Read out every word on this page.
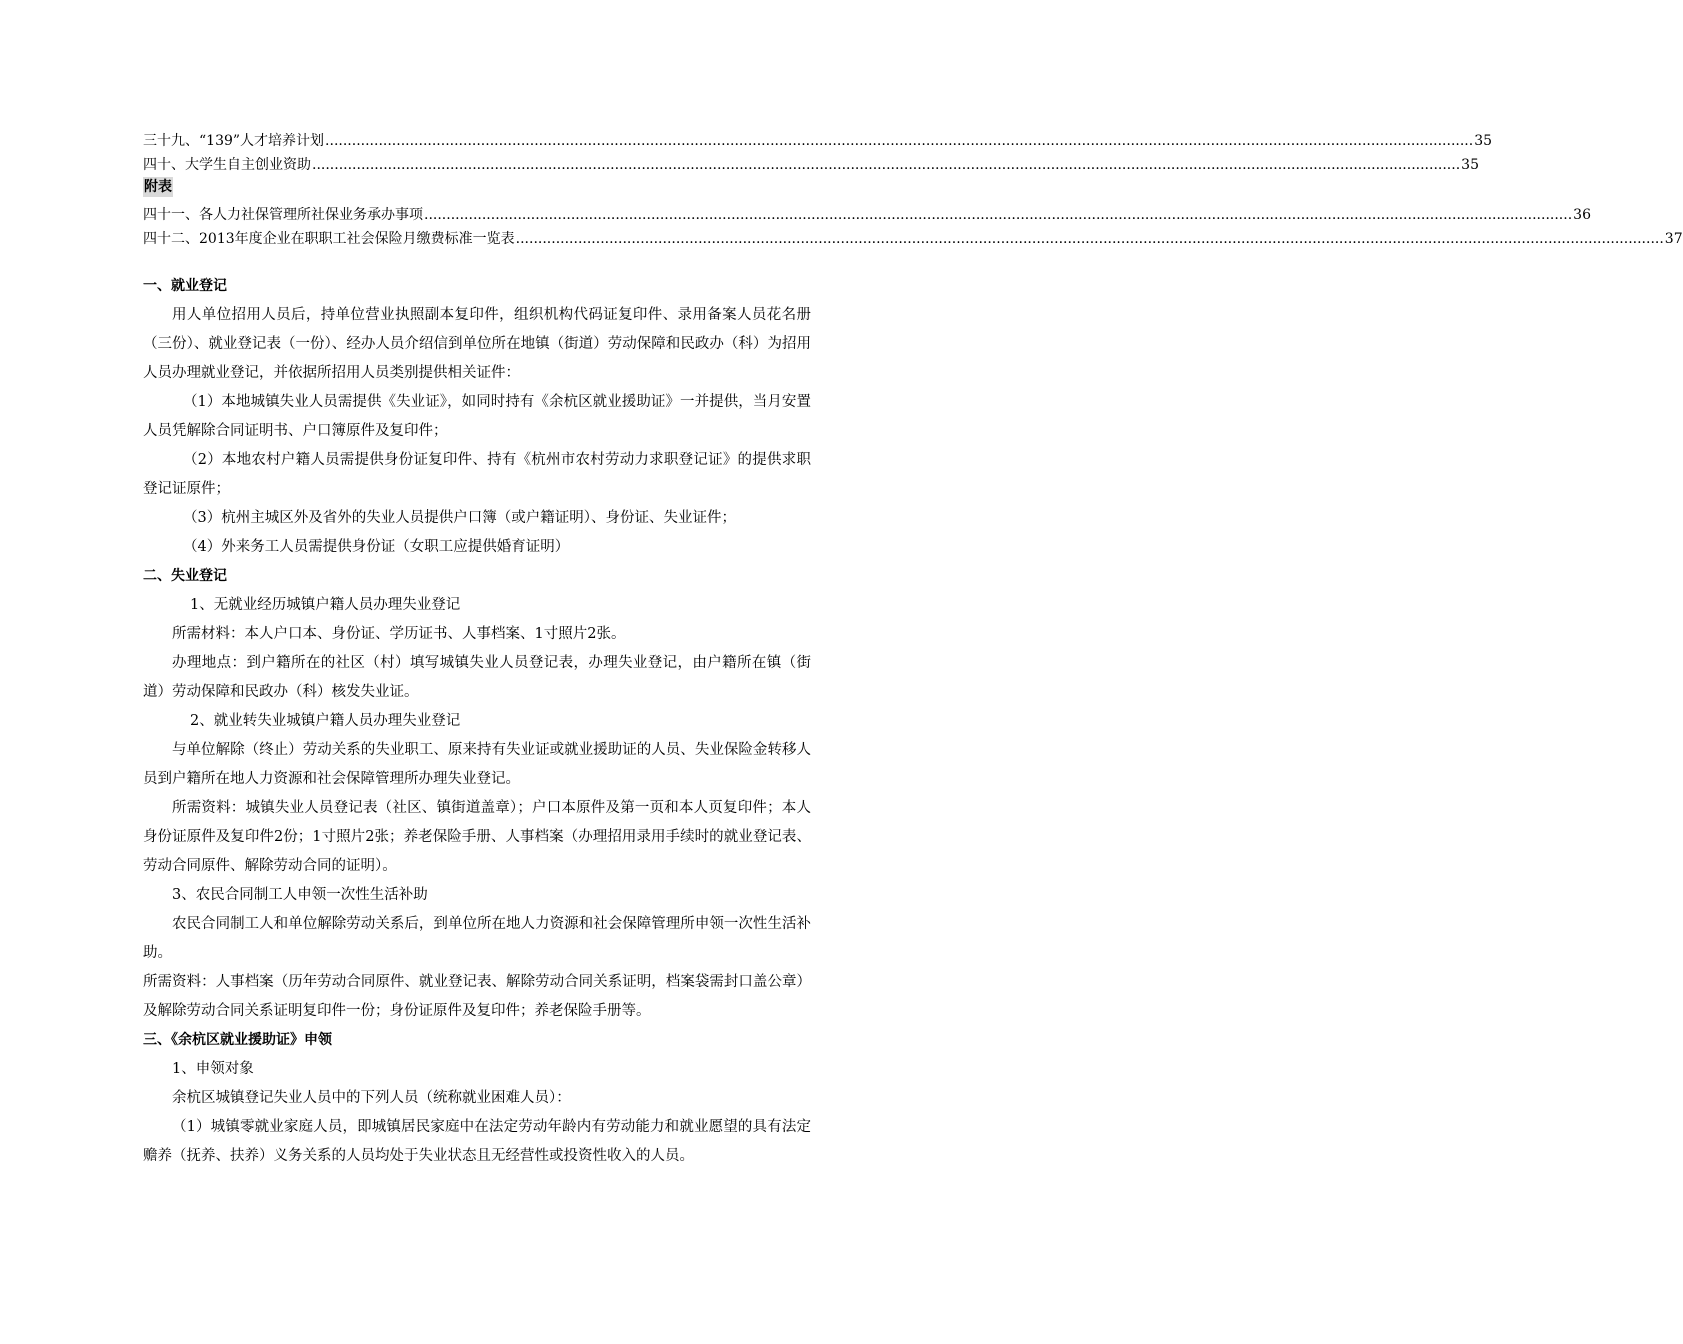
三十九、“139”人才培养计划 .................................................................................................................................................................................................................................................................. 35
四十、大学生自主创业资助 .................................................................................................................................................................................................................................................................. 35
四十一、各人力社保管理所社保业务承办事项 .................................................................................................................................................................................................................................................................. 36
四十二、2013年度企业在职职工社会保险月缴费标准一览表 .................................................................................................................................................................................................................................................................. 37
附表

一、就业登记

用人单位招用人员后，持单位营业执照副本复印件，组织机构代码证复印件、录用备案人员花名册（三份）、就业登记表（一份）、经办人员介绍信到单位所在地镇（街道）劳动保障和民政办（科）为招用人员办理就业登记，并依据所招用人员类别提供相关证件：

（1）本地城镇失业人员需提供《失业证》，如同时持有《余杭区就业援助证》一并提供，当月安置人员凭解除合同证明书、户口簿原件及复印件；

（2）本地农村户籍人员需提供身份证复印件、持有《杭州市农村劳动力求职登记证》的提供求职登记证原件；

（3）杭州主城区外及省外的失业人员提供户口簿（或户籍证明）、身份证、失业证件；

（4）外来务工人员需提供身份证（女职工应提供婚育证明）

二、失业登记

1、无就业经历城镇户籍人员办理失业登记

所需材料：本人户口本、身份证、学历证书、人事档案、1寸照片2张。

办理地点：到户籍所在的社区（村）填写城镇失业人员登记表，办理失业登记，由户籍所在镇（街道）劳动保障和民政办（科）核发失业证。

2、就业转失业城镇户籍人员办理失业登记

与单位解除（终止）劳动关系的失业职工、原来持有失业证或就业援助证的人员、失业保险金转移人员到户籍所在地人力资源和社会保障管理所办理失业登记。

所需资料：城镇失业人员登记表（社区、镇街道盖章）；户口本原件及第一页和本人页复印件；本人身份证原件及复印件2份；1寸照片2张；养老保险手册、人事档案（办理招用录用手续时的就业登记表、劳动合同原件、解除劳动合同的证明）。

3、农民合同制工人申领一次性生活补助

农民合同制工人和单位解除劳动关系后，到单位所在地人力资源和社会保障管理所申领一次性生活补助。

所需资料：人事档案（历年劳动合同原件、就业登记表、解除劳动合同关系证明，档案袋需封口盖公章）及解除劳动合同关系证明复印件一份；身份证原件及复印件；养老保险手册等。

三、《余杭区就业援助证》申领

1、申领对象

余杭区城镇登记失业人员中的下列人员（统称就业困难人员）：

（1）城镇零就业家庭人员，即城镇居民家庭中在法定劳动年龄内有劳动能力和就业愿望的具有法定赡养（抚养、扶养）义务关系的人员均处于失业状态且无经营性或投资性收入的人员。
